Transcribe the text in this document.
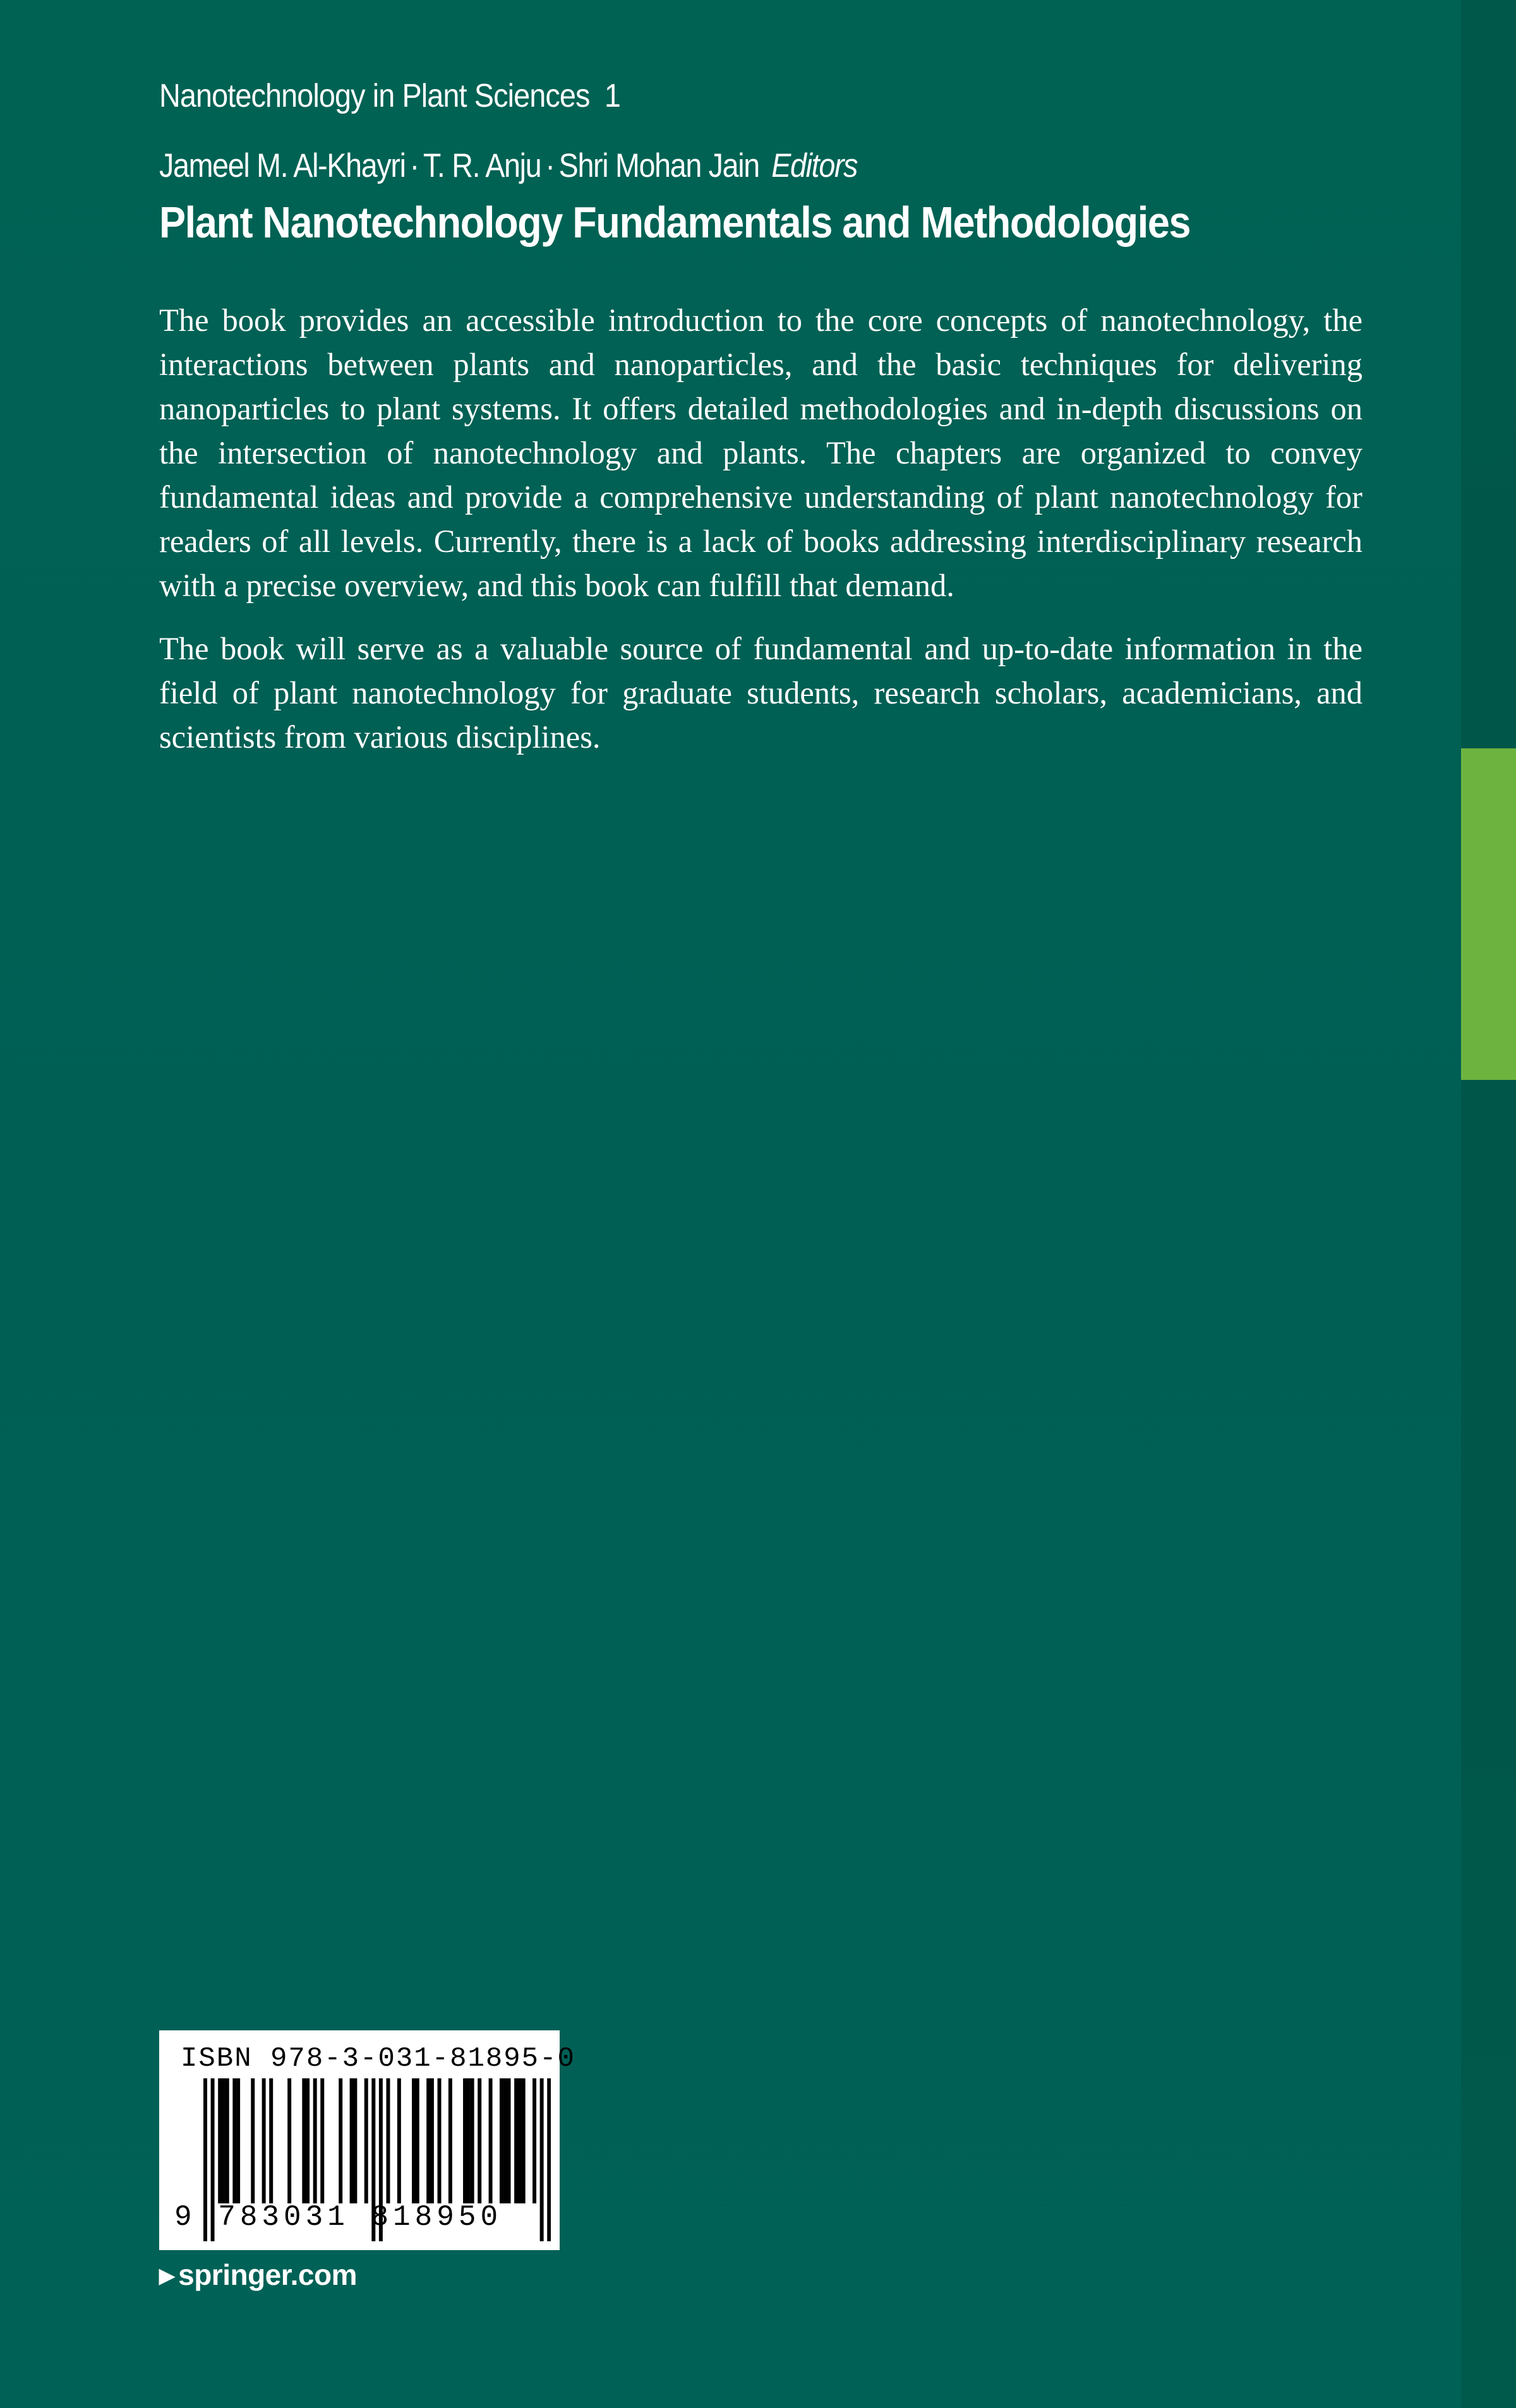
Nanotechnology in Plant Sciences 1
Jameel M. Al-Khayri · T. R. Anju · Shri Mohan Jain Editors
Plant Nanotechnology Fundamentals and Methodologies

The book provides an accessible introduction to the core concepts of nanotechnology, the interactions between plants and nanoparticles, and the basic techniques for delivering nanoparticles to plant systems. It offers detailed methodologies and in-depth discussions on the intersection of nanotechnology and plants. The chapters are organized to convey fundamental ideas and provide a comprehensive understanding of plant nanotechnology for readers of all levels. Currently, there is a lack of books addressing interdisciplinary research with a precise overview, and this book can fulfill that demand.

The book will serve as a valuable source of fundamental and up-to-date information in the field of plant nanotechnology for graduate students, research scholars, academicians, and scientists from various disciplines.

ISBN 978-3-031-81895-0
9 783031 818950
▶ springer.com
